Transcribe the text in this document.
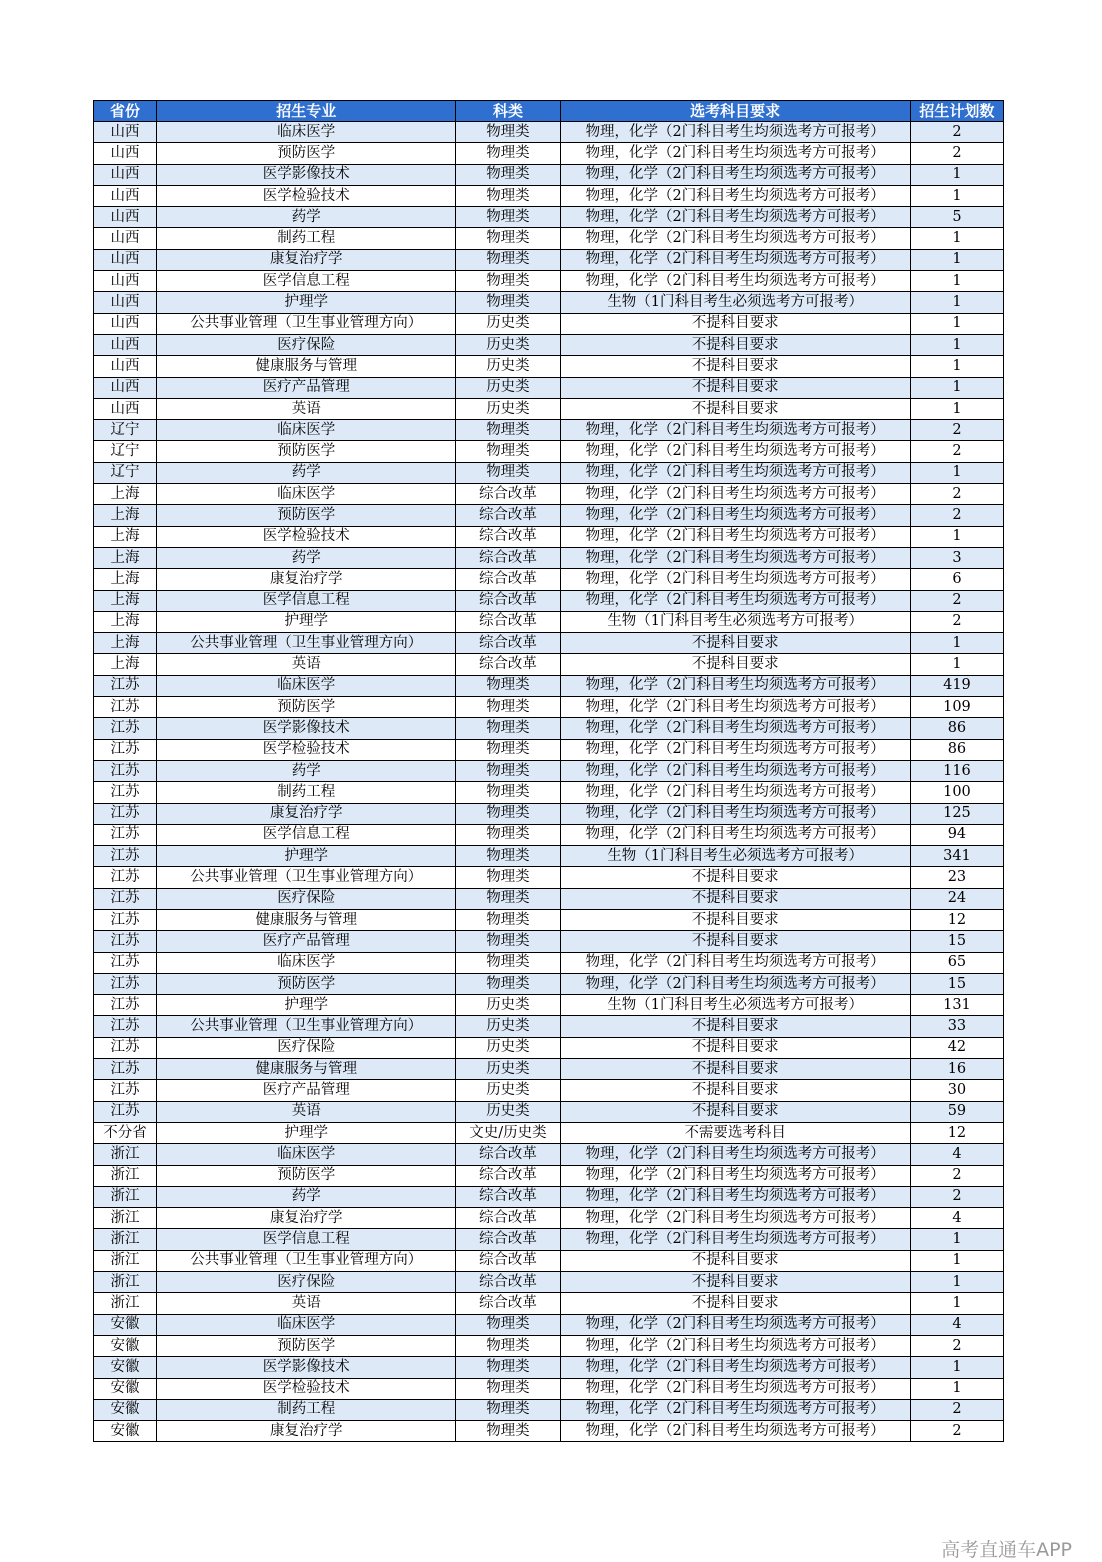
省份	招生专业	科类	选考科目要求	招生计划数
山西	临床医学	物理类	物理，化学（2门科目考生均须选考方可报考）	2
山西	预防医学	物理类	物理，化学（2门科目考生均须选考方可报考）	2
山西	医学影像技术	物理类	物理，化学（2门科目考生均须选考方可报考）	1
山西	医学检验技术	物理类	物理，化学（2门科目考生均须选考方可报考）	1
山西	药学	物理类	物理，化学（2门科目考生均须选考方可报考）	5
山西	制药工程	物理类	物理，化学（2门科目考生均须选考方可报考）	1
山西	康复治疗学	物理类	物理，化学（2门科目考生均须选考方可报考）	1
山西	医学信息工程	物理类	物理，化学（2门科目考生均须选考方可报考）	1
山西	护理学	物理类	生物（1门科目考生必须选考方可报考）	1
山西	公共事业管理（卫生事业管理方向）	历史类	不提科目要求	1
山西	医疗保险	历史类	不提科目要求	1
山西	健康服务与管理	历史类	不提科目要求	1
山西	医疗产品管理	历史类	不提科目要求	1
山西	英语	历史类	不提科目要求	1
辽宁	临床医学	物理类	物理，化学（2门科目考生均须选考方可报考）	2
辽宁	预防医学	物理类	物理，化学（2门科目考生均须选考方可报考）	2
辽宁	药学	物理类	物理，化学（2门科目考生均须选考方可报考）	1
上海	临床医学	综合改革	物理，化学（2门科目考生均须选考方可报考）	2
上海	预防医学	综合改革	物理，化学（2门科目考生均须选考方可报考）	2
上海	医学检验技术	综合改革	物理，化学（2门科目考生均须选考方可报考）	1
上海	药学	综合改革	物理，化学（2门科目考生均须选考方可报考）	3
上海	康复治疗学	综合改革	物理，化学（2门科目考生均须选考方可报考）	6
上海	医学信息工程	综合改革	物理，化学（2门科目考生均须选考方可报考）	2
上海	护理学	综合改革	生物（1门科目考生必须选考方可报考）	2
上海	公共事业管理（卫生事业管理方向）	综合改革	不提科目要求	1
上海	英语	综合改革	不提科目要求	1
江苏	临床医学	物理类	物理，化学（2门科目考生均须选考方可报考）	419
江苏	预防医学	物理类	物理，化学（2门科目考生均须选考方可报考）	109
江苏	医学影像技术	物理类	物理，化学（2门科目考生均须选考方可报考）	86
江苏	医学检验技术	物理类	物理，化学（2门科目考生均须选考方可报考）	86
江苏	药学	物理类	物理，化学（2门科目考生均须选考方可报考）	116
江苏	制药工程	物理类	物理，化学（2门科目考生均须选考方可报考）	100
江苏	康复治疗学	物理类	物理，化学（2门科目考生均须选考方可报考）	125
江苏	医学信息工程	物理类	物理，化学（2门科目考生均须选考方可报考）	94
江苏	护理学	物理类	生物（1门科目考生必须选考方可报考）	341
江苏	公共事业管理（卫生事业管理方向）	物理类	不提科目要求	23
江苏	医疗保险	物理类	不提科目要求	24
江苏	健康服务与管理	物理类	不提科目要求	12
江苏	医疗产品管理	物理类	不提科目要求	15
江苏	临床医学	物理类	物理，化学（2门科目考生均须选考方可报考）	65
江苏	预防医学	物理类	物理，化学（2门科目考生均须选考方可报考）	15
江苏	护理学	历史类	生物（1门科目考生必须选考方可报考）	131
江苏	公共事业管理（卫生事业管理方向）	历史类	不提科目要求	33
江苏	医疗保险	历史类	不提科目要求	42
江苏	健康服务与管理	历史类	不提科目要求	16
江苏	医疗产品管理	历史类	不提科目要求	30
江苏	英语	历史类	不提科目要求	59
不分省	护理学	文史/历史类	不需要选考科目	12
浙江	临床医学	综合改革	物理，化学（2门科目考生均须选考方可报考）	4
浙江	预防医学	综合改革	物理，化学（2门科目考生均须选考方可报考）	2
浙江	药学	综合改革	物理，化学（2门科目考生均须选考方可报考）	2
浙江	康复治疗学	综合改革	物理，化学（2门科目考生均须选考方可报考）	4
浙江	医学信息工程	综合改革	物理，化学（2门科目考生均须选考方可报考）	1
浙江	公共事业管理（卫生事业管理方向）	综合改革	不提科目要求	1
浙江	医疗保险	综合改革	不提科目要求	1
浙江	英语	综合改革	不提科目要求	1
安徽	临床医学	物理类	物理，化学（2门科目考生均须选考方可报考）	4
安徽	预防医学	物理类	物理，化学（2门科目考生均须选考方可报考）	2
安徽	医学影像技术	物理类	物理，化学（2门科目考生均须选考方可报考）	1
安徽	医学检验技术	物理类	物理，化学（2门科目考生均须选考方可报考）	1
安徽	制药工程	物理类	物理，化学（2门科目考生均须选考方可报考）	2
安徽	康复治疗学	物理类	物理，化学（2门科目考生均须选考方可报考）	2
高考直通车APP
